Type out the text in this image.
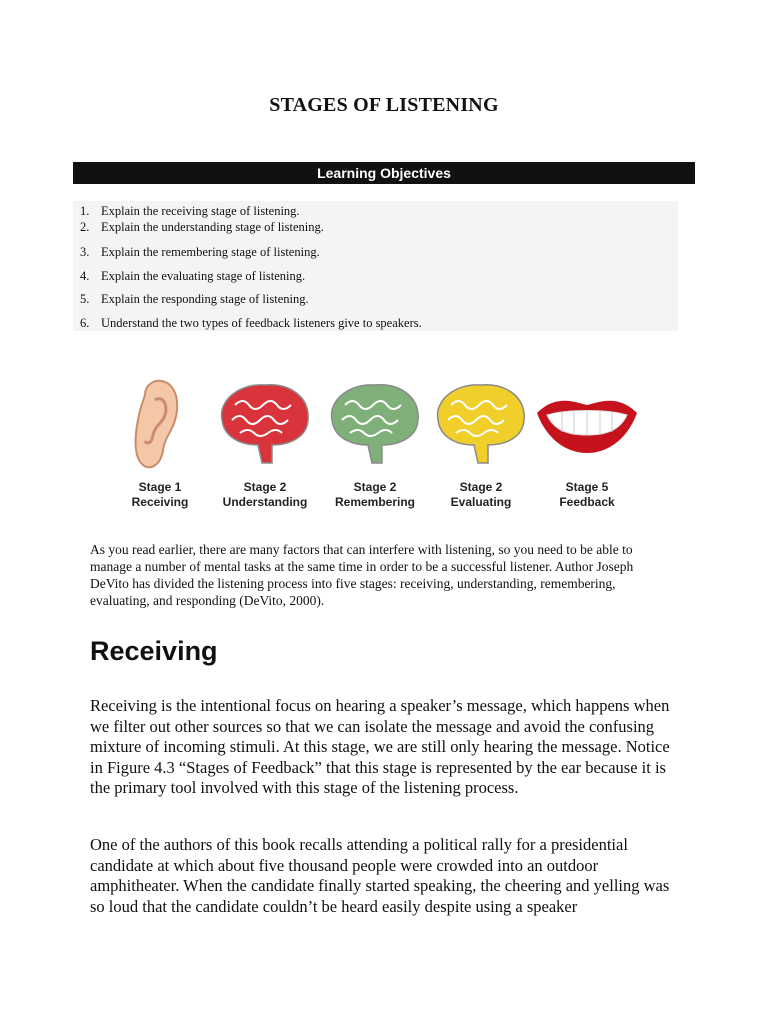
STAGES OF LISTENING
Learning Objectives
1. Explain the receiving stage of listening.
2. Explain the understanding stage of listening.
3. Explain the remembering stage of listening.
4. Explain the evaluating stage of listening.
5. Explain the responding stage of listening.
6. Understand the two types of feedback listeners give to speakers.
Stage 1
Receiving
Stage 2
Understanding
Stage 2
Remembering
Stage 2
Evaluating
Stage 5
Feedback
As you read earlier, there are many factors that can interfere with listening, so you need to be able to manage a number of mental tasks at the same time in order to be a successful listener. Author Joseph DeVito has divided the listening process into five stages: receiving, understanding, remembering, evaluating, and responding (DeVito, 2000).
Receiving
Receiving is the intentional focus on hearing a speaker’s message, which happens when we filter out other sources so that we can isolate the message and avoid the confusing mixture of incoming stimuli. At this stage, we are still only hearing the message. Notice in Figure 4.3 “Stages of Feedback” that this stage is represented by the ear because it is the primary tool involved with this stage of the listening process.
One of the authors of this book recalls attending a political rally for a presidential candidate at which about five thousand people were crowded into an outdoor amphitheater. When the candidate finally started speaking, the cheering and yelling was so loud that the candidate couldn’t be heard easily despite using a speaker
